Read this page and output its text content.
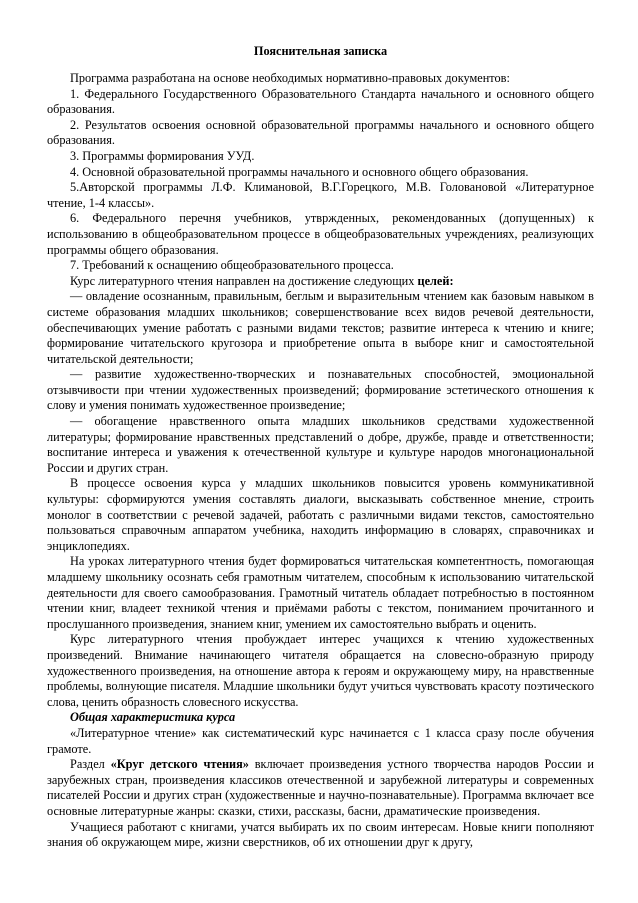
Пояснительная записка

Программа разработана на основе необходимых нормативно-правовых документов:

1. Федерального Государственного Образовательного Стандарта начального и основного общего образования.

2. Результатов освоения основной образовательной программы начального и основного общего образования.

3. Программы формирования УУД.

4. Основной образовательной программы начального и основного общего образования.

5.Авторской программы Л.Ф. Климановой, В.Г.Горецкого, М.В. Головановой «Литературное чтение, 1-4 классы».

6. Федерального перечня учебников, утвржденных, рекомендованных (допущенных) к использованию в общеобразовательном процессе в общеобразовательных учреждениях, реализующих программы общего образования.

7. Требований к оснащению общеобразовательного процесса.

Курс литературного чтения направлен на достижение следующих целей:

— овладение осознанным, правильным, беглым и выразительным чтением как базовым навыком в системе образования младших школьников; совершенствование всех видов речевой деятельности, обеспечивающих умение работать с разными видами текстов; развитие интереса к чтению и книге; формирование читательского кругозора и приобретение опыта в выборе книг и самостоятельной читательской деятельности;

— развитие художественно-творческих и познавательных способностей, эмоциональной отзывчивости при чтении художественных произведений; формирование эстетического отношения к слову и умения понимать художественное произведение;

— обогащение нравственного опыта младших школьников средствами художественной литературы; формирование нравственных представлений о добре, дружбе, правде и ответственности; воспитание интереса и уважения к отечественной культуре и культуре народов многонациональной России и других стран.

В процессе освоения курса у младших школьников повысится уровень коммуникативной культуры: сформируются умения составлять диалоги, высказывать собственное мнение, строить монолог в соответствии с речевой задачей, работать с различными видами текстов, самостоятельно пользоваться справочным аппаратом учебника, находить информацию в словарях, справочниках и энциклопедиях.

На уроках литературного чтения будет формироваться читательская компетентность, помогающая младшему школьнику осознать себя грамотным читателем, способным к использованию читательской деятельности для своего самообразования. Грамотный читатель обладает потребностью в постоянном чтении книг, владеет техникой чтения и приёмами работы с текстом, пониманием прочитанного и прослушанного произведения, знанием книг, умением их самостоятельно выбрать и оценить.

Курс литературного чтения пробуждает интерес учащихся к чтению художественных произведений. Внимание начинающего читателя обращается на словесно-образную природу художественного произведения, на отношение автора к героям и окружающему миру, на нравственные проблемы, волнующие писателя. Младшие школьники будут учиться чувствовать красоту поэтического слова, ценить образность словесного искусства.

Общая характеристика курса

«Литературное чтение» как систематический курс начинается с 1 класса сразу после обучения грамоте.

Раздел «Круг детского чтения» включает произведения устного творчества народов России и зарубежных стран, произведения классиков отечественной и зарубежной литературы и современных писателей России и других стран (художественные и научно-познавательные). Программа включает все основные литературные жанры: сказки, стихи, рассказы, басни, драматические произведения.

Учащиеся работают с книгами, учатся выбирать их по своим интересам. Новые книги пополняют знания об окружающем мире, жизни сверстников, об их отношении друг к другу,
